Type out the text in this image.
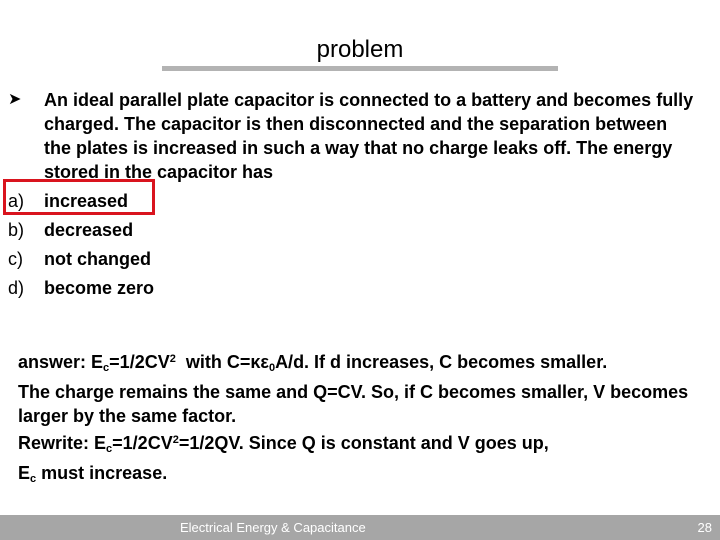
problem
➤	An ideal parallel plate capacitor is connected to a battery and becomes fully charged. The capacitor is then disconnected and the separation between the plates is increased in such a way that no charge leaks off. The energy stored in the capacitor has
a) increased
b) decreased
c) not changed
d) become zero
answer: $E_c=1/2CV^2$  with $C=\kappa\varepsilon_0A/d$. If d increases, C becomes smaller.
The charge remains the same and Q=CV. So, if C becomes smaller, V becomes larger by the same factor.
Rewrite: $E_c=1/2CV^2=1/2QV$. Since Q is constant and V goes up,
$E_c$ must increase.
Electrical Energy & Capacitance	28
